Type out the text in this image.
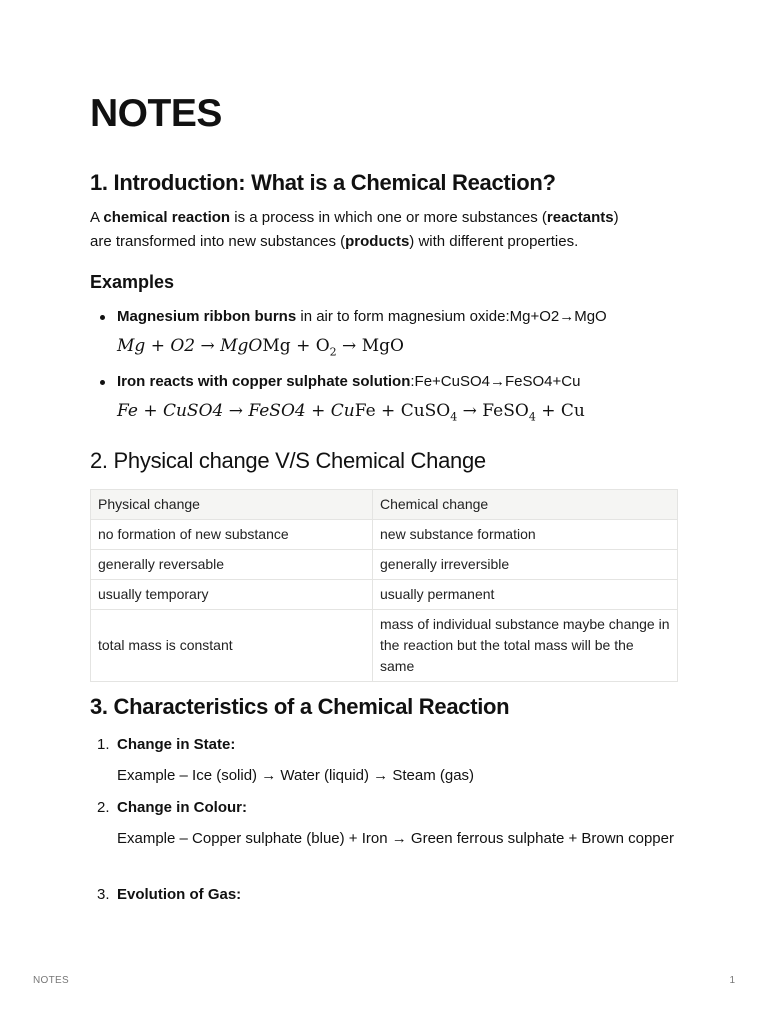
NOTES
1. Introduction: What is a Chemical Reaction?
A chemical reaction is a process in which one or more substances (reactants)
are transformed into new substances (products) with different properties.
Examples
Magnesium ribbon burns in air to form magnesium oxide:Mg+O2→MgO
Mg + O2 → MgOMg + $O_2$ → MgO
Iron reacts with copper sulphate solution:Fe+CuSO4→FeSO4+Cu
Fe + CuSO4 → FeSO4 + CuFe + CuSO$_4$ → FeSO$_4$ + Cu
2. Physical change V/S Chemical Change
Physical change	Chemical change
no formation of new substance	new substance formation
generally reversable	generally irreversible
usually temporary	usually permanent
total mass is constant	mass of individual substance maybe change in the reaction but the total mass will be the same
3. Characteristics of a Chemical Reaction
1. Change in State:
Example – Ice (solid) → Water (liquid) → Steam (gas)
2. Change in Colour:
Example – Copper sulphate (blue) + Iron → Green ferrous sulphate + Brown copper
3. Evolution of Gas:
NOTES	1
